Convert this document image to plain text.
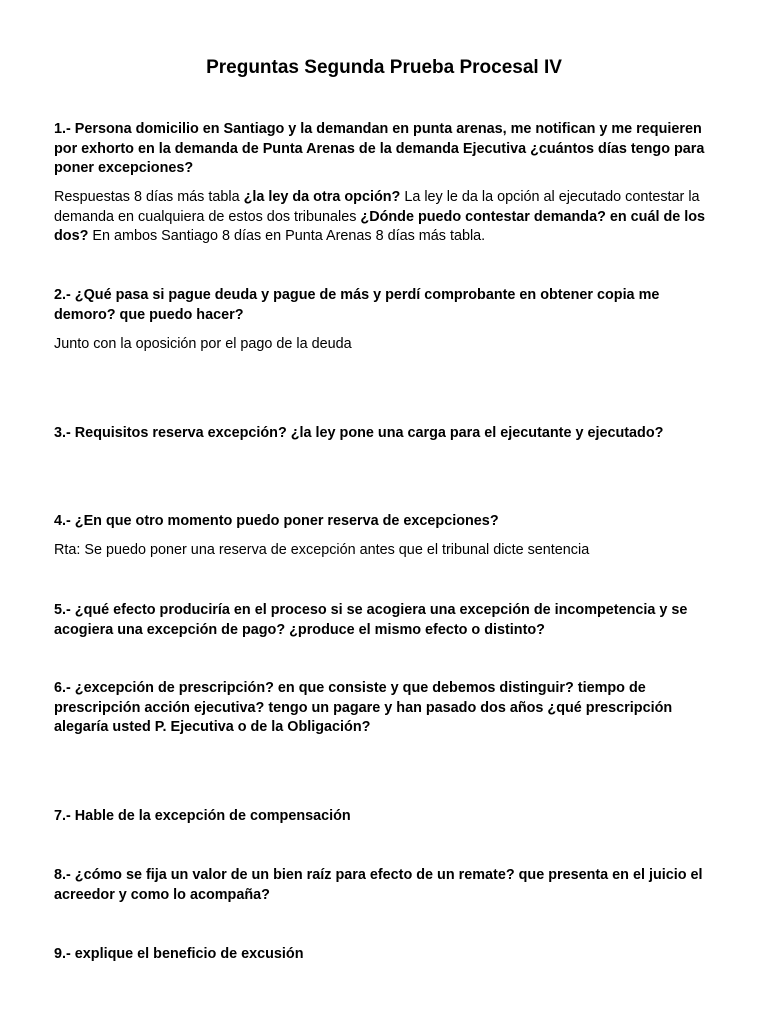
Preguntas Segunda Prueba Procesal IV

1.- Persona domicilio en Santiago y la demandan en punta arenas, me notifican y me requieren por exhorto en la demanda de Punta Arenas de la demanda Ejecutiva ¿cuántos días tengo para poner excepciones?

Respuestas 8 días más tabla ¿la ley da otra opción? La ley le da la opción al ejecutado contestar la demanda en cualquiera de estos dos tribunales ¿Dónde puedo contestar demanda? en cuál de los dos? En ambos Santiago 8 días en Punta Arenas 8 días más tabla.

2.- ¿Qué pasa si pague deuda y pague de más y perdí comprobante en obtener copia me demoro? que puedo hacer?

Junto con la oposición por el pago de la deuda

3.- Requisitos reserva excepción? ¿la ley pone una carga para el ejecutante y ejecutado?

4.- ¿En que otro momento puedo poner reserva de excepciones?

Rta: Se puedo poner una reserva de excepción antes que el tribunal dicte sentencia

5.- ¿qué efecto produciría en el proceso si se acogiera una excepción de incompetencia y se acogiera una excepción de pago? ¿produce el mismo efecto o distinto?

6.- ¿excepción de prescripción? en que consiste y que debemos distinguir? tiempo de prescripción acción ejecutiva? tengo un pagare y han pasado dos años ¿qué prescripción alegaría usted P. Ejecutiva o de la Obligación?

7.- Hable de la excepción de compensación

8.- ¿cómo se fija un valor de un bien raíz para efecto de un remate? que presenta en el juicio el acreedor y como lo acompaña?

9.- explique el beneficio de excusión
